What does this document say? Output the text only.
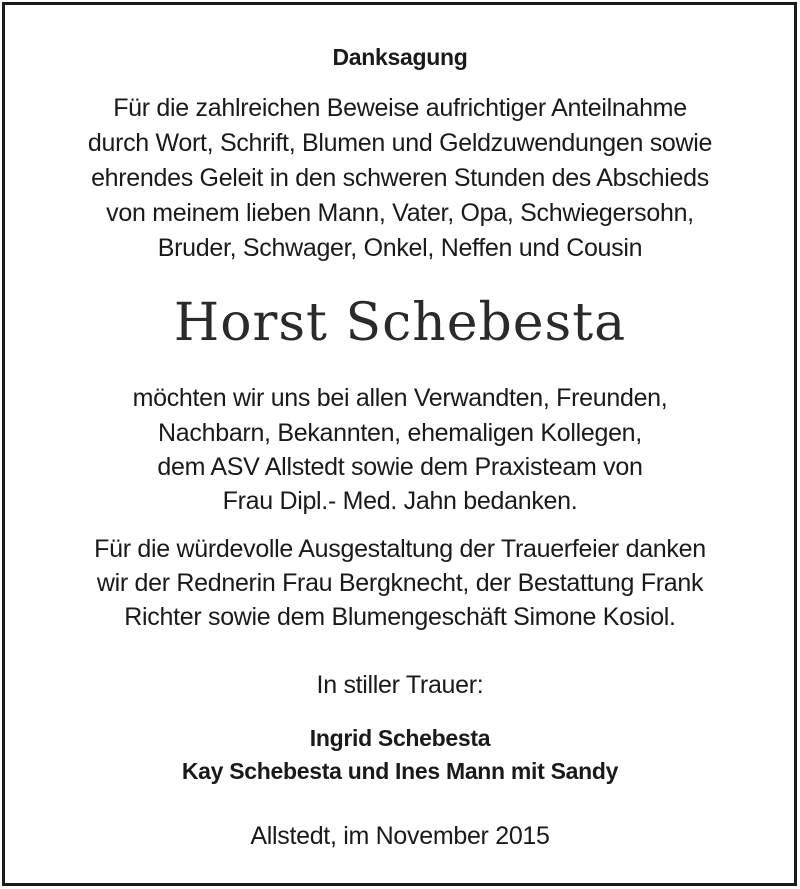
Danksagung
Für die zahlreichen Beweise aufrichtiger Anteilnahme
durch Wort, Schrift, Blumen und Geldzuwendungen sowie
ehrendes Geleit in den schweren Stunden des Abschieds
von meinem lieben Mann, Vater, Opa, Schwiegersohn,
Bruder, Schwager, Onkel, Neffen und Cousin
Horst Schebesta
möchten wir uns bei allen Verwandten, Freunden,
Nachbarn, Bekannten, ehemaligen Kollegen,
dem ASV Allstedt sowie dem Praxisteam von
Frau Dipl.- Med. Jahn bedanken.
Für die würdevolle Ausgestaltung der Trauerfeier danken
wir der Rednerin Frau Bergknecht, der Bestattung Frank
Richter sowie dem Blumengeschäft Simone Kosiol.
In stiller Trauer:
Ingrid Schebesta
Kay Schebesta und Ines Mann mit Sandy
Allstedt, im November 2015
